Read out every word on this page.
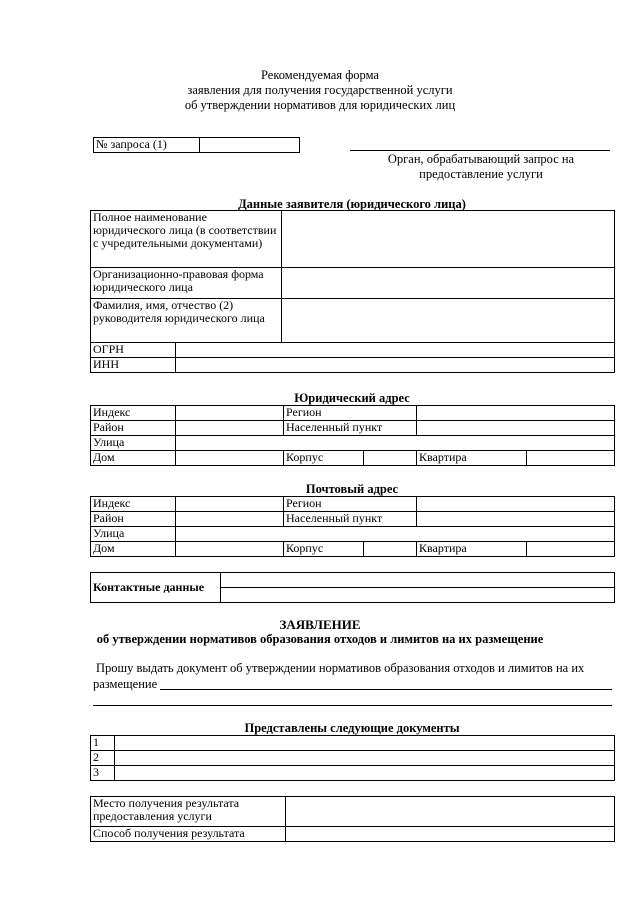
Рекомендуемая форма
заявления для получения государственной услуги
об утверждении нормативов для юридических лиц
№ запроса (1)	
Орган, обрабатывающий запрос на
предоставление услуги
Данные заявителя (юридического лица)
Полное наименование юридического лица (в соответствии с учредительными документами)		
Организационно-правовая форма юридического лица		
Фамилия, имя, отчество (2) руководителя юридического лица		
ОГРН		
ИНН		
Юридический адрес
Индекс		Регион			
Район		Населенный пункт			
Улица					
Дом		Корпус		Квартира	
Почтовый адрес
Индекс		Регион			
Район		Населенный пункт			
Улица					
Дом		Корпус		Квартира	
Контактные данные	

ЗАЯВЛЕНИЕ
об утверждении нормативов образования отходов и лимитов на их размещение
Прошу выдать документ об утверждении нормативов образования отходов и лимитов на их
размещение
Представлены следующие документы
1	
2	
3	
Место получения результата предоставления услуги	
Способ получения результата	
